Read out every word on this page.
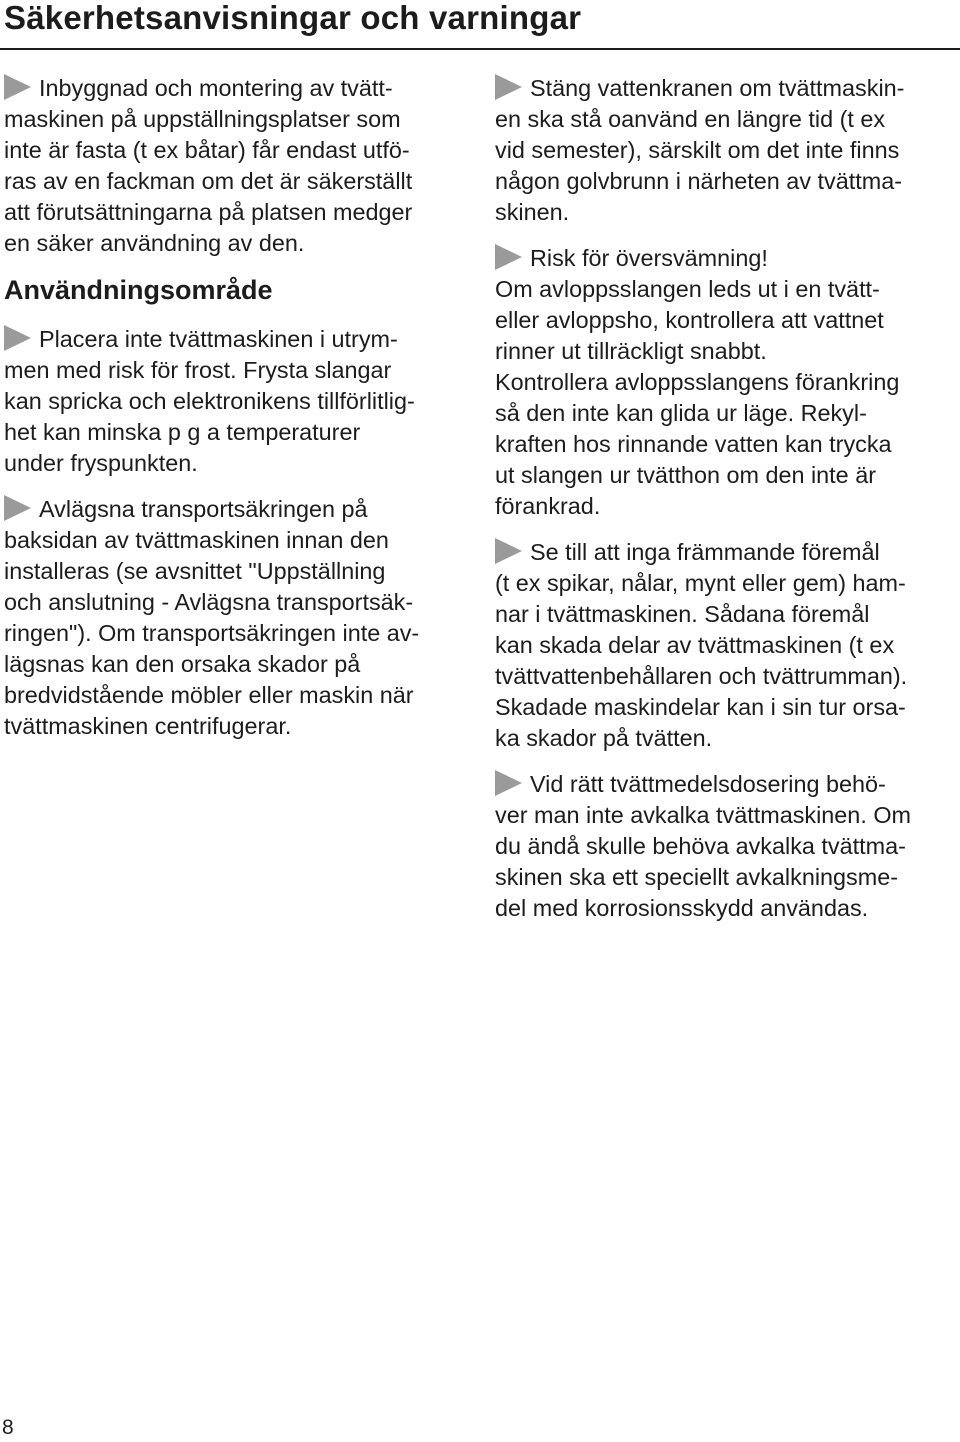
Säkerhetsanvisningar och varningar

Inbyggnad och montering av tvätt-
maskinen på uppställningsplatser som
inte är fasta (t ex båtar) får endast utfö-
ras av en fackman om det är säkerställt
att förutsättningarna på platsen medger
en säker användning av den.

Användningsområde

Placera inte tvättmaskinen i utrym-
men med risk för frost. Frysta slangar
kan spricka och elektronikens tillförlitlig-
het kan minska p g a temperaturer
under fryspunkten.

Avlägsna transportsäkringen på
baksidan av tvättmaskinen innan den
installeras (se avsnittet "Uppställning
och anslutning - Avlägsna transportsäk-
ringen"). Om transportsäkringen inte av-
lägsnas kan den orsaka skador på
bredvidstående möbler eller maskin när
tvättmaskinen centrifugerar.

Stäng vattenkranen om tvättmaskin-
en ska stå oanvänd en längre tid (t ex
vid semester), särskilt om det inte finns
någon golvbrunn i närheten av tvättma-
skinen.

Risk för översvämning!
Om avloppsslangen leds ut i en tvätt-
eller avloppsho, kontrollera att vattnet
rinner ut tillräckligt snabbt.
Kontrollera avloppsslangens förankring
så den inte kan glida ur läge. Rekyl-
kraften hos rinnande vatten kan trycka
ut slangen ur tvätthon om den inte är
förankrad.

Se till att inga främmande föremål
(t ex spikar, nålar, mynt eller gem) ham-
nar i tvättmaskinen. Sådana föremål
kan skada delar av tvättmaskinen (t ex
tvättvattenbehållaren och tvättrumman).
Skadade maskindelar kan i sin tur orsa-
ka skador på tvätten.

Vid rätt tvättmedelsdosering behö-
ver man inte avkalka tvättmaskinen. Om
du ändå skulle behöva avkalka tvättma-
skinen ska ett speciellt avkalkningsme-
del med korrosionsskydd användas.

8
